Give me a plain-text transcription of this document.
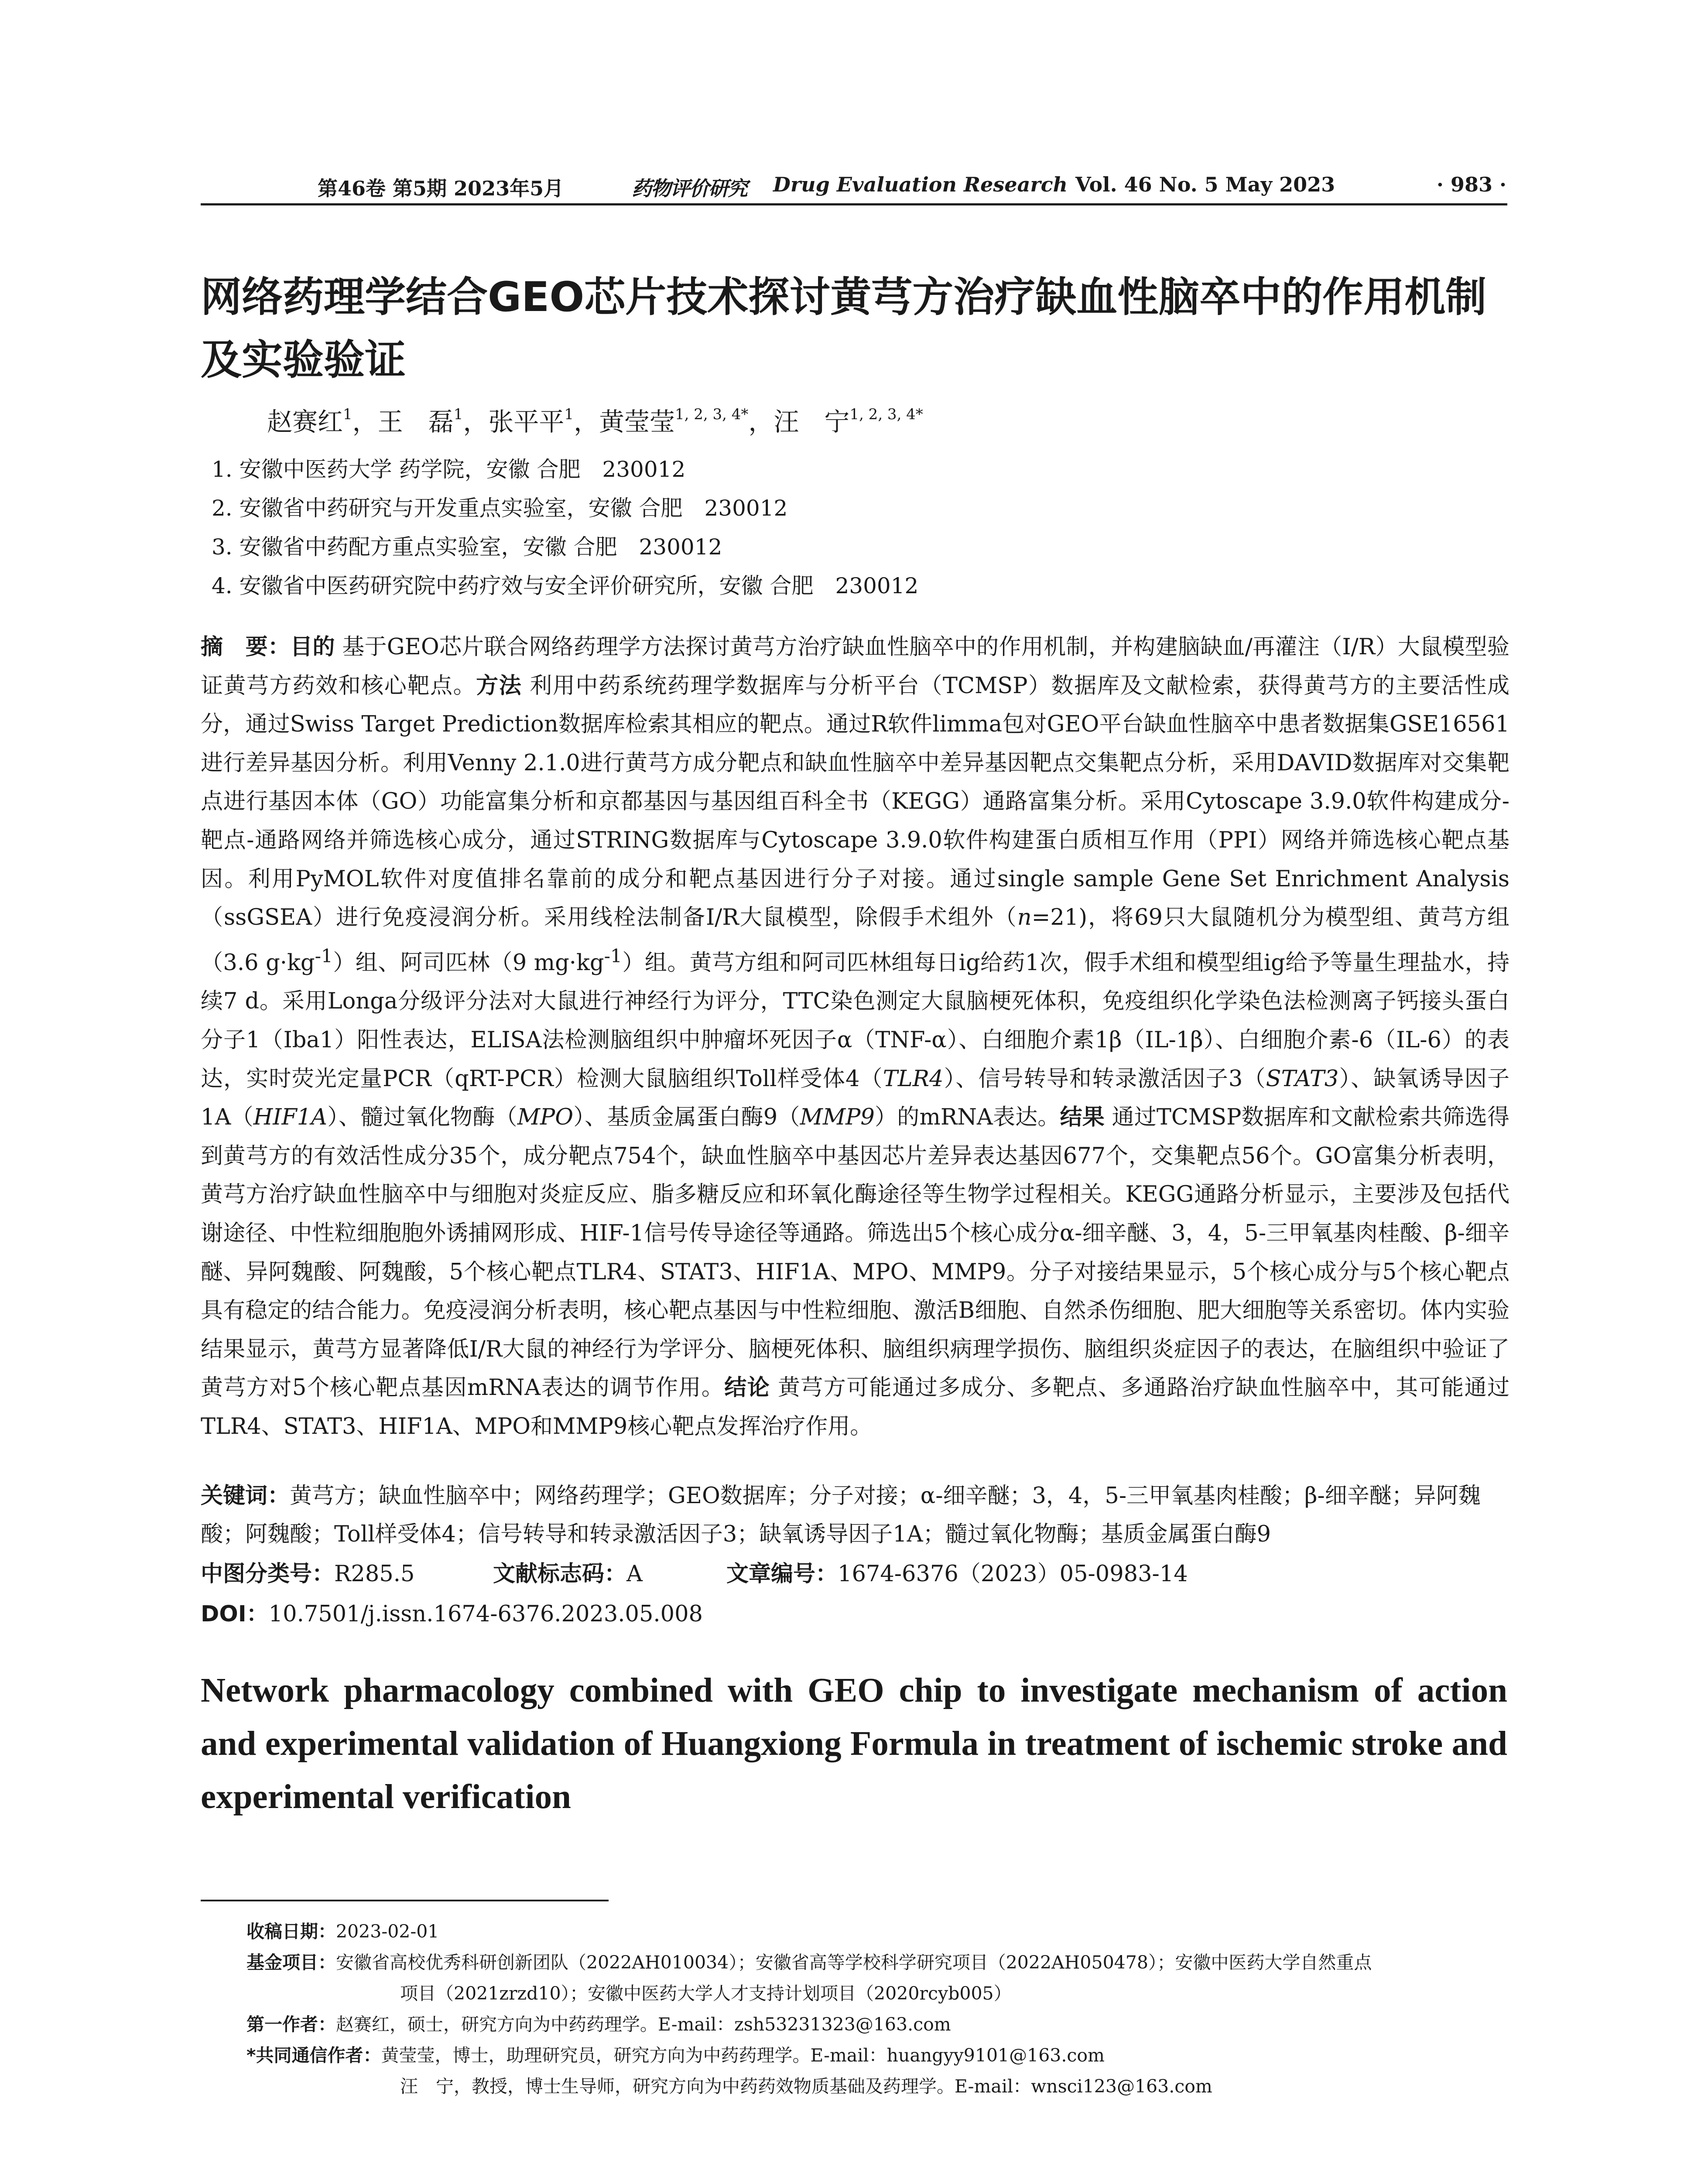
第46卷 第5期 2023年5月	药物评价研究 Drug Evaluation Research Vol. 46 No. 5 May 2023	· 983 ·
网络药理学结合GEO芯片技术探讨黄芎方治疗缺血性脑卒中的作用机制及实验验证
赵赛红$^1$，王　磊$^1$，张平平$^1$，黄莹莹$^{1, 2, 3, 4*}$，汪　宁$^{1, 2, 3, 4*}$
1. 安徽中医药大学 药学院，安徽 合肥　230012
2. 安徽省中药研究与开发重点实验室，安徽 合肥　230012
3. 安徽省中药配方重点实验室，安徽 合肥　230012
4. 安徽省中医药研究院中药疗效与安全评价研究所，安徽 合肥　230012
摘　要：目的 基于GEO芯片联合网络药理学方法探讨黄芎方治疗缺血性脑卒中的作用机制，并构建脑缺血/再灌注（I/R）大鼠模型验证黄芎方药效和核心靶点。方法 利用中药系统药理学数据库与分析平台（TCMSP）数据库及文献检索，获得黄芎方的主要活性成分，通过Swiss Target Prediction数据库检索其相应的靶点。通过R软件limma包对GEO平台缺血性脑卒中患者数据集GSE16561进行差异基因分析。利用Venny 2.1.0进行黄芎方成分靶点和缺血性脑卒中差异基因靶点交集靶点分析，采用DAVID数据库对交集靶点进行基因本体（GO）功能富集分析和京都基因与基因组百科全书（KEGG）通路富集分析。采用Cytoscape 3.9.0软件构建成分-靶点-通路网络并筛选核心成分，通过STRING数据库与Cytoscape 3.9.0软件构建蛋白质相互作用（PPI）网络并筛选核心靶点基因。利用PyMOL软件对度值排名靠前的成分和靶点基因进行分子对接。通过single sample Gene Set Enrichment Analysis（ssGSEA）进行免疫浸润分析。采用线栓法制备I/R大鼠模型，除假手术组外（n=21)，将69只大鼠随机分为模型组、黄芎方组（3.6 $g\cdot kg^{-1}$）组、阿司匹林（9 $mg\cdot kg^{-1}$）组。黄芎方组和阿司匹林组每日ig给药1次，假手术组和模型组ig给予等量生理盐水，持续7 d。采用Longa分级评分法对大鼠进行神经行为评分，TTC染色测定大鼠脑梗死体积，免疫组织化学染色法检测离子钙接头蛋白分子1（Iba1）阳性表达，ELISA法检测脑组织中肿瘤坏死因子α（TNF-α）、白细胞介素1β（IL-1β）、白细胞介素-6（IL-6）的表达，实时荧光定量PCR（qRT-PCR）检测大鼠脑组织Toll样受体4（TLR4）、信号转导和转录激活因子3（STAT3）、缺氧诱导因子1A（HIF1A）、髓过氧化物酶（MPO）、基质金属蛋白酶9（MMP9）的mRNA表达。结果 通过TCMSP数据库和文献检索共筛选得到黄芎方的有效活性成分35个，成分靶点754个，缺血性脑卒中基因芯片差异表达基因677个，交集靶点56个。GO富集分析表明，黄芎方治疗缺血性脑卒中与细胞对炎症反应、脂多糖反应和环氧化酶途径等生物学过程相关。KEGG通路分析显示，主要涉及包括代谢途径、中性粒细胞胞外诱捕网形成、HIF-1信号传导途径等通路。筛选出5个核心成分α-细辛醚、3，4，5-三甲氧基肉桂酸、β-细辛醚、异阿魏酸、阿魏酸，5个核心靶点TLR4、STAT3、HIF1A、MPO、MMP9。分子对接结果显示，5个核心成分与5个核心靶点具有稳定的结合能力。免疫浸润分析表明，核心靶点基因与中性粒细胞、激活B细胞、自然杀伤细胞、肥大细胞等关系密切。体内实验结果显示，黄芎方显著降低I/R大鼠的神经行为学评分、脑梗死体积、脑组织病理学损伤、脑组织炎症因子的表达，在脑组织中验证了黄芎方对5个核心靶点基因mRNA表达的调节作用。结论 黄芎方可能通过多成分、多靶点、多通路治疗缺血性脑卒中，其可能通过TLR4、STAT3、HIF1A、MPO和MMP9核心靶点发挥治疗作用。
关键词：黄芎方；缺血性脑卒中；网络药理学；GEO数据库；分子对接；α-细辛醚；3，4，5-三甲氧基肉桂酸；β-细辛醚；异阿魏酸；阿魏酸；Toll样受体4；信号转导和转录激活因子3；缺氧诱导因子1A；髓过氧化物酶；基质金属蛋白酶9
中图分类号：R285.5	文献标志码：A	文章编号：1674-6376（2023）05-0983-14
DOI：10.7501/j.issn.1674-6376.2023.05.008
Network pharmacology combined with GEO chip to investigate mechanism of action and experimental validation of Huangxiong Formula in treatment of ischemic stroke and experimental verification
收稿日期： 2023-02-01
基金项目： 安徽省高校优秀科研创新团队（2022AH010034）；安徽省高等学校科学研究项目（2022AH050478）；安徽中医药大学自然重点
项目（2021zrzd10）；安徽中医药大学人才支持计划项目（2020rcyb005）
第一作者： 赵赛红，硕士，研究方向为中药药理学。E-mail：zsh53231323@163.com
*共同通信作者： 黄莹莹，博士，助理研究员，研究方向为中药药理学。E-mail：huangyy9101@163.com
汪　宁，教授，博士生导师，研究方向为中药药效物质基础及药理学。E-mail：wnsci123@163.com
